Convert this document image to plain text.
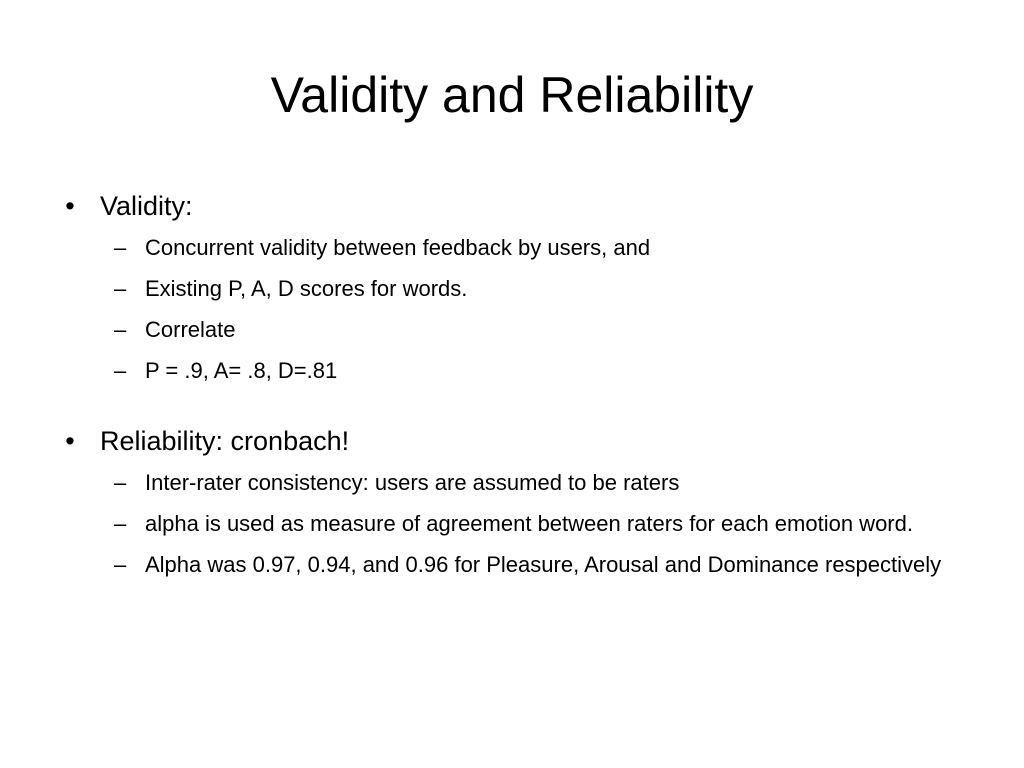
Validity and Reliability
• Validity:
– Concurrent validity between feedback by users, and
– Existing P, A, D scores for words.
– Correlate
– P = .9, A= .8, D=.81
• Reliability: cronbach!
– Inter-rater consistency: users are assumed to be raters
– alpha is used as measure of agreement between raters for each emotion word.
– Alpha was 0.97, 0.94, and 0.96 for Pleasure, Arousal and Dominance respectively
